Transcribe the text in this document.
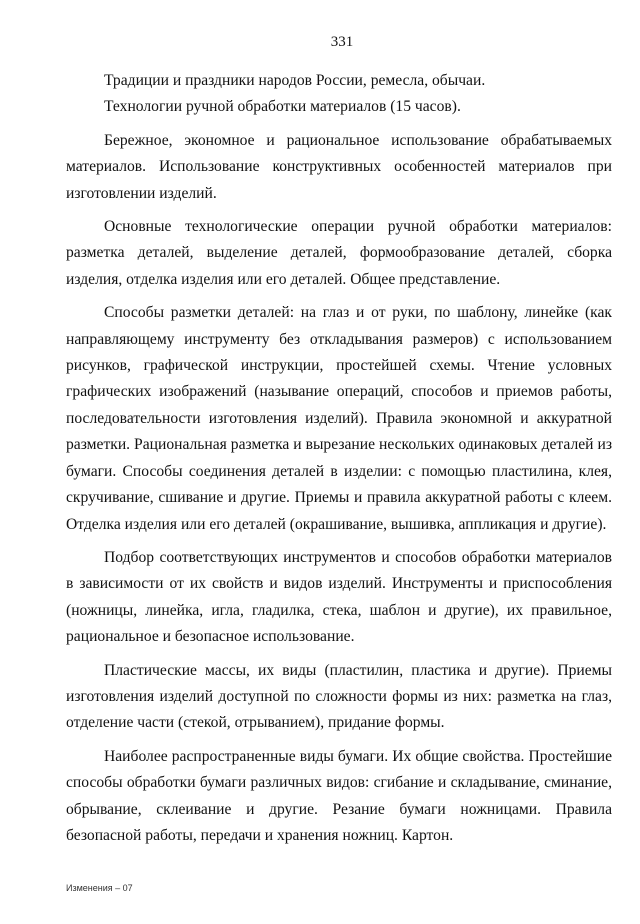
331

Традиции и праздники народов России, ремесла, обычаи.

Технологии ручной обработки материалов (15 часов).

Бережное, экономное и рациональное использование обрабатываемых материалов. Использование конструктивных особенностей материалов при изготовлении изделий.

Основные технологические операции ручной обработки материалов: разметка деталей, выделение деталей, формообразование деталей, сборка изделия, отделка изделия или его деталей. Общее представление.

Способы разметки деталей: на глаз и от руки, по шаблону, линейке (как направляющему инструменту без откладывания размеров) с использованием рисунков, графической инструкции, простейшей схемы. Чтение условных графических изображений (называние операций, способов и приемов работы, последовательности изготовления изделий). Правила экономной и аккуратной разметки. Рациональная разметка и вырезание нескольких одинаковых деталей из бумаги. Способы соединения деталей в изделии: с помощью пластилина, клея, скручивание, сшивание и другие. Приемы и правила аккуратной работы с клеем. Отделка изделия или его деталей (окрашивание, вышивка, аппликация и другие).

Подбор соответствующих инструментов и способов обработки материалов в зависимости от их свойств и видов изделий. Инструменты и приспособления (ножницы, линейка, игла, гладилка, стека, шаблон и другие), их правильное, рациональное и безопасное использование.

Пластические массы, их виды (пластилин, пластика и другие). Приемы изготовления изделий доступной по сложности формы из них: разметка на глаз, отделение части (стекой, отрыванием), придание формы.

Наиболее распространенные виды бумаги. Их общие свойства. Простейшие способы обработки бумаги различных видов: сгибание и складывание, сминание, обрывание, склеивание и другие. Резание бумаги ножницами. Правила безопасной работы, передачи и хранения ножниц. Картон.

Изменения – 07
